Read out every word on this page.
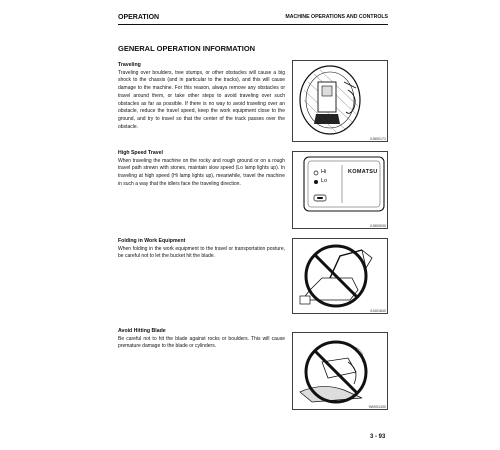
OPERATION	MACHINE OPERATIONS AND CONTROLS
GENERAL OPERATION INFORMATION
Traveling

Traveling over boulders, tree stumps, or other obstacles will cause a big shock to the chassis (and in particular to the tracks), and this will cause damage to the machine. For this reason, always remove any obstacles or travel around them, or take other steps to avoid traveling over such obstacles as far as possible. If there is no way to avoid traveling over an obstacle, reduce the travel speed, keep the work equipment close to the ground, and try to travel so that the center of the track passes over the obstacle.

0J800171
High Speed Travel

When traveling the machine on the rocky and rough ground or on a rough travel path strewn with stones, maintain slow speed (Lo lamp lights up). In traveling at high speed (Hi lamp lights up), meanwhile, travel the machine in such a way that the idlers face the traveling direction.

Hi
Lo
KOMATSU
0J800530
Folding in Work Equipment

When folding in the work equipment to the travel or transportation posture, be careful not to let the bucket hit the blade.

0J401840
Avoid Hitting Blade

Be careful not to hit the blade against rocks or boulders. This will cause premature damage to the blade or cylinders.

9W001430
3 - 93
